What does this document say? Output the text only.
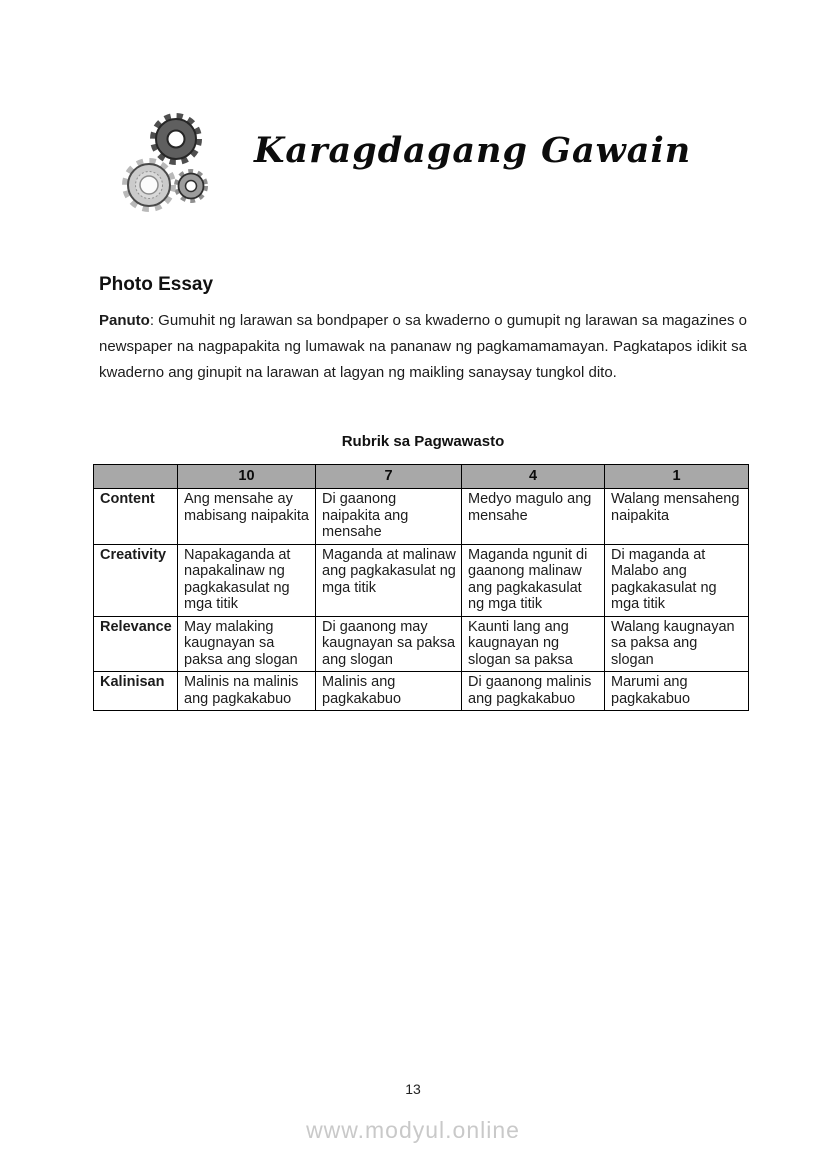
Karagdagang Gawain
Photo Essay
Panuto: Gumuhit ng larawan sa bondpaper o sa kwaderno o gumupit ng larawan sa magazines o newspaper na nagpapakita ng lumawak na pananaw ng pagkamamamayan. Pagkatapos idikit sa kwaderno ang ginupit na larawan at lagyan ng maikling sanaysay tungkol dito.
Rubrik sa Pagwawasto
	10	7	4	1
Content	Ang mensahe ay mabisang naipakita	Di gaanong naipakita ang mensahe	Medyo magulo ang mensahe	Walang mensaheng naipakita
Creativity	Napakaganda at napakalinaw ng pagkakasulat ng mga titik	Maganda at malinaw ang pagkakasulat ng mga titik	Maganda ngunit di gaanong malinaw ang pagkakasulat ng mga titik	Di maganda at Malabo ang pagkakasulat ng mga titik
Relevance	May malaking kaugnayan sa paksa ang slogan	Di gaanong may kaugnayan sa paksa ang slogan	Kaunti lang ang kaugnayan ng slogan sa paksa	Walang kaugnayan sa paksa ang slogan
Kalinisan	Malinis na malinis ang pagkakabuo	Malinis ang pagkakabuo	Di gaanong malinis ang pagkakabuo	Marumi ang pagkakabuo
13
www.modyul.online
